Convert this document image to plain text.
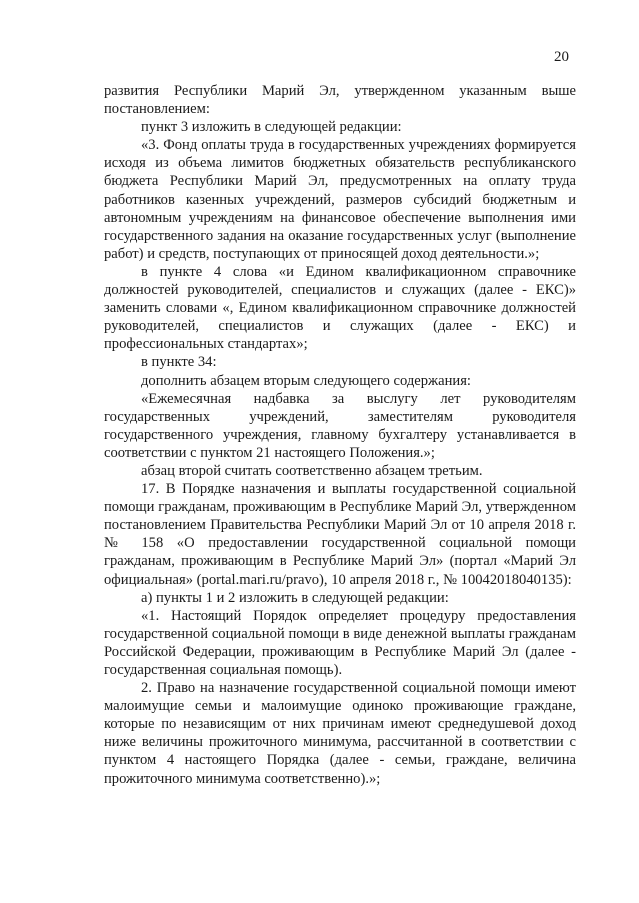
20

развития Республики Марий Эл, утвержденном указанным выше постановлением:

пункт 3 изложить в следующей редакции:

«3. Фонд оплаты труда в государственных учреждениях формируется исходя из объема лимитов бюджетных обязательств республиканского бюджета Республики Марий Эл, предусмотренных на оплату труда работников казенных учреждений, размеров субсидий бюджетным и автономным учреждениям на финансовое обеспечение выполнения ими государственного задания на оказание государственных услуг (выполнение работ) и средств, поступающих от приносящей доход деятельности.»;

в пункте 4 слова «и Едином квалификационном справочнике должностей руководителей, специалистов и служащих (далее - ЕКС)» заменить словами «, Едином квалификационном справочнике должностей руководителей, специалистов и служащих (далее - ЕКС) и профессиональных стандартах»;

в пункте 34:

дополнить абзацем вторым следующего содержания:

«Ежемесячная надбавка за выслугу лет руководителям государственных учреждений, заместителям руководителя государственного учреждения, главному бухгалтеру устанавливается в соответствии с пунктом 21 настоящего Положения.»;

абзац второй считать соответственно абзацем третьим.

17. В Порядке назначения и выплаты государственной социальной помощи гражданам, проживающим в Республике Марий Эл, утвержденном постановлением Правительства Республики Марий Эл от 10 апреля 2018 г. № 158 «О предоставлении государственной социальной помощи гражданам, проживающим в Республике Марий Эл» (портал «Марий Эл официальная» (portal.mari.ru/pravo), 10 апреля 2018 г., № 10042018040135):

а) пункты 1 и 2 изложить в следующей редакции:

«1. Настоящий Порядок определяет процедуру предоставления государственной социальной помощи в виде денежной выплаты гражданам Российской Федерации, проживающим в Республике Марий Эл (далее - государственная социальная помощь).

2. Право на назначение государственной социальной помощи имеют малоимущие семьи и малоимущие одиноко проживающие граждане, которые по независящим от них причинам имеют среднедушевой доход ниже величины прожиточного минимума, рассчитанной в соответствии с пунктом 4 настоящего Порядка (далее - семьи, граждане, величина прожиточного минимума соответственно).»;
